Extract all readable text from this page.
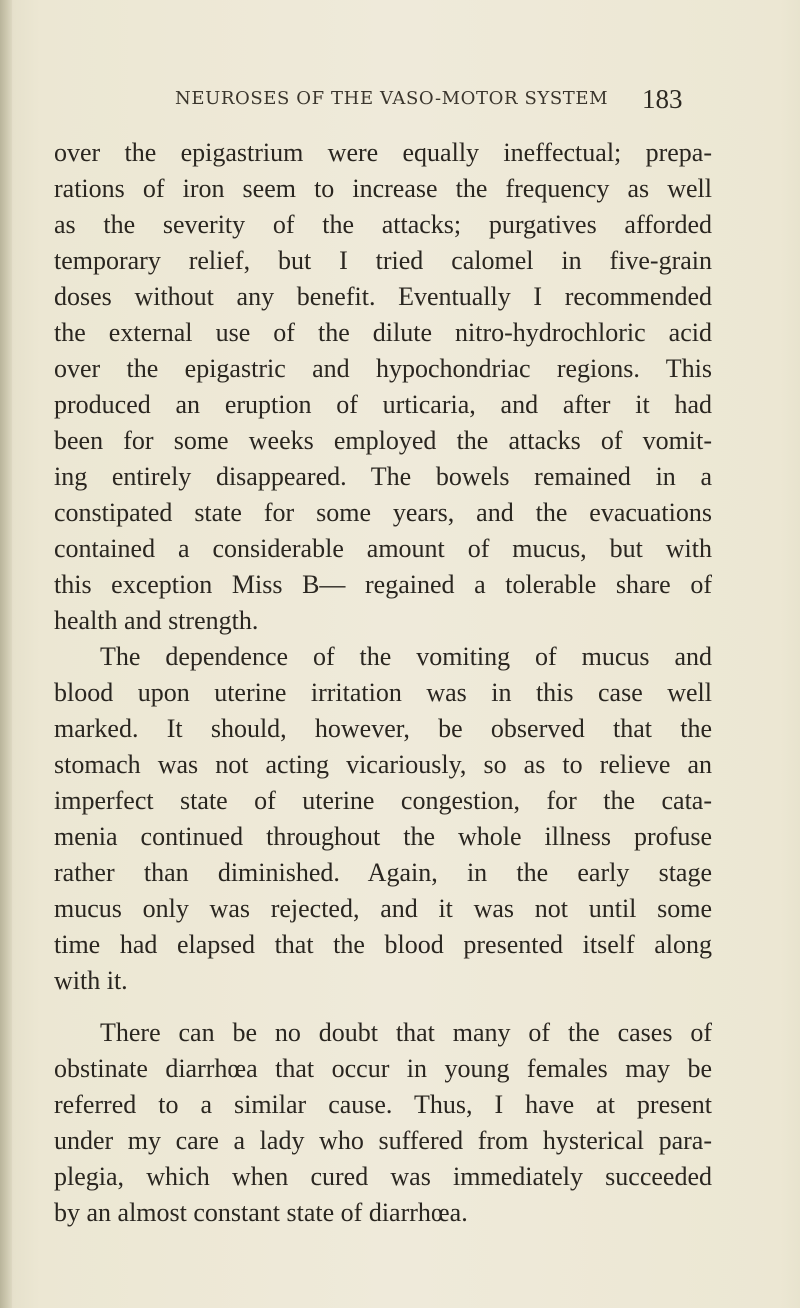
NEUROSES OF THE VASO-MOTOR SYSTEM 183
over the epigastrium were equally ineffectual; prepa-
rations of iron seem to increase the frequency as well
as the severity of the attacks; purgatives afforded
temporary relief, but I tried calomel in five-grain
doses without any benefit. Eventually I recommended
the external use of the dilute nitro-hydrochloric acid
over the epigastric and hypochondriac regions. This
produced an eruption of urticaria, and after it had
been for some weeks employed the attacks of vomit-
ing entirely disappeared. The bowels remained in a
constipated state for some years, and the evacuations
contained a considerable amount of mucus, but with
this exception Miss B— regained a tolerable share of
health and strength.
The dependence of the vomiting of mucus and
blood upon uterine irritation was in this case well
marked. It should, however, be observed that the
stomach was not acting vicariously, so as to relieve an
imperfect state of uterine congestion, for the cata-
menia continued throughout the whole illness profuse
rather than diminished. Again, in the early stage
mucus only was rejected, and it was not until some
time had elapsed that the blood presented itself along
with it.
There can be no doubt that many of the cases of
obstinate diarrhœa that occur in young females may be
referred to a similar cause. Thus, I have at present
under my care a lady who suffered from hysterical para-
plegia, which when cured was immediately succeeded
by an almost constant state of diarrhœa.
